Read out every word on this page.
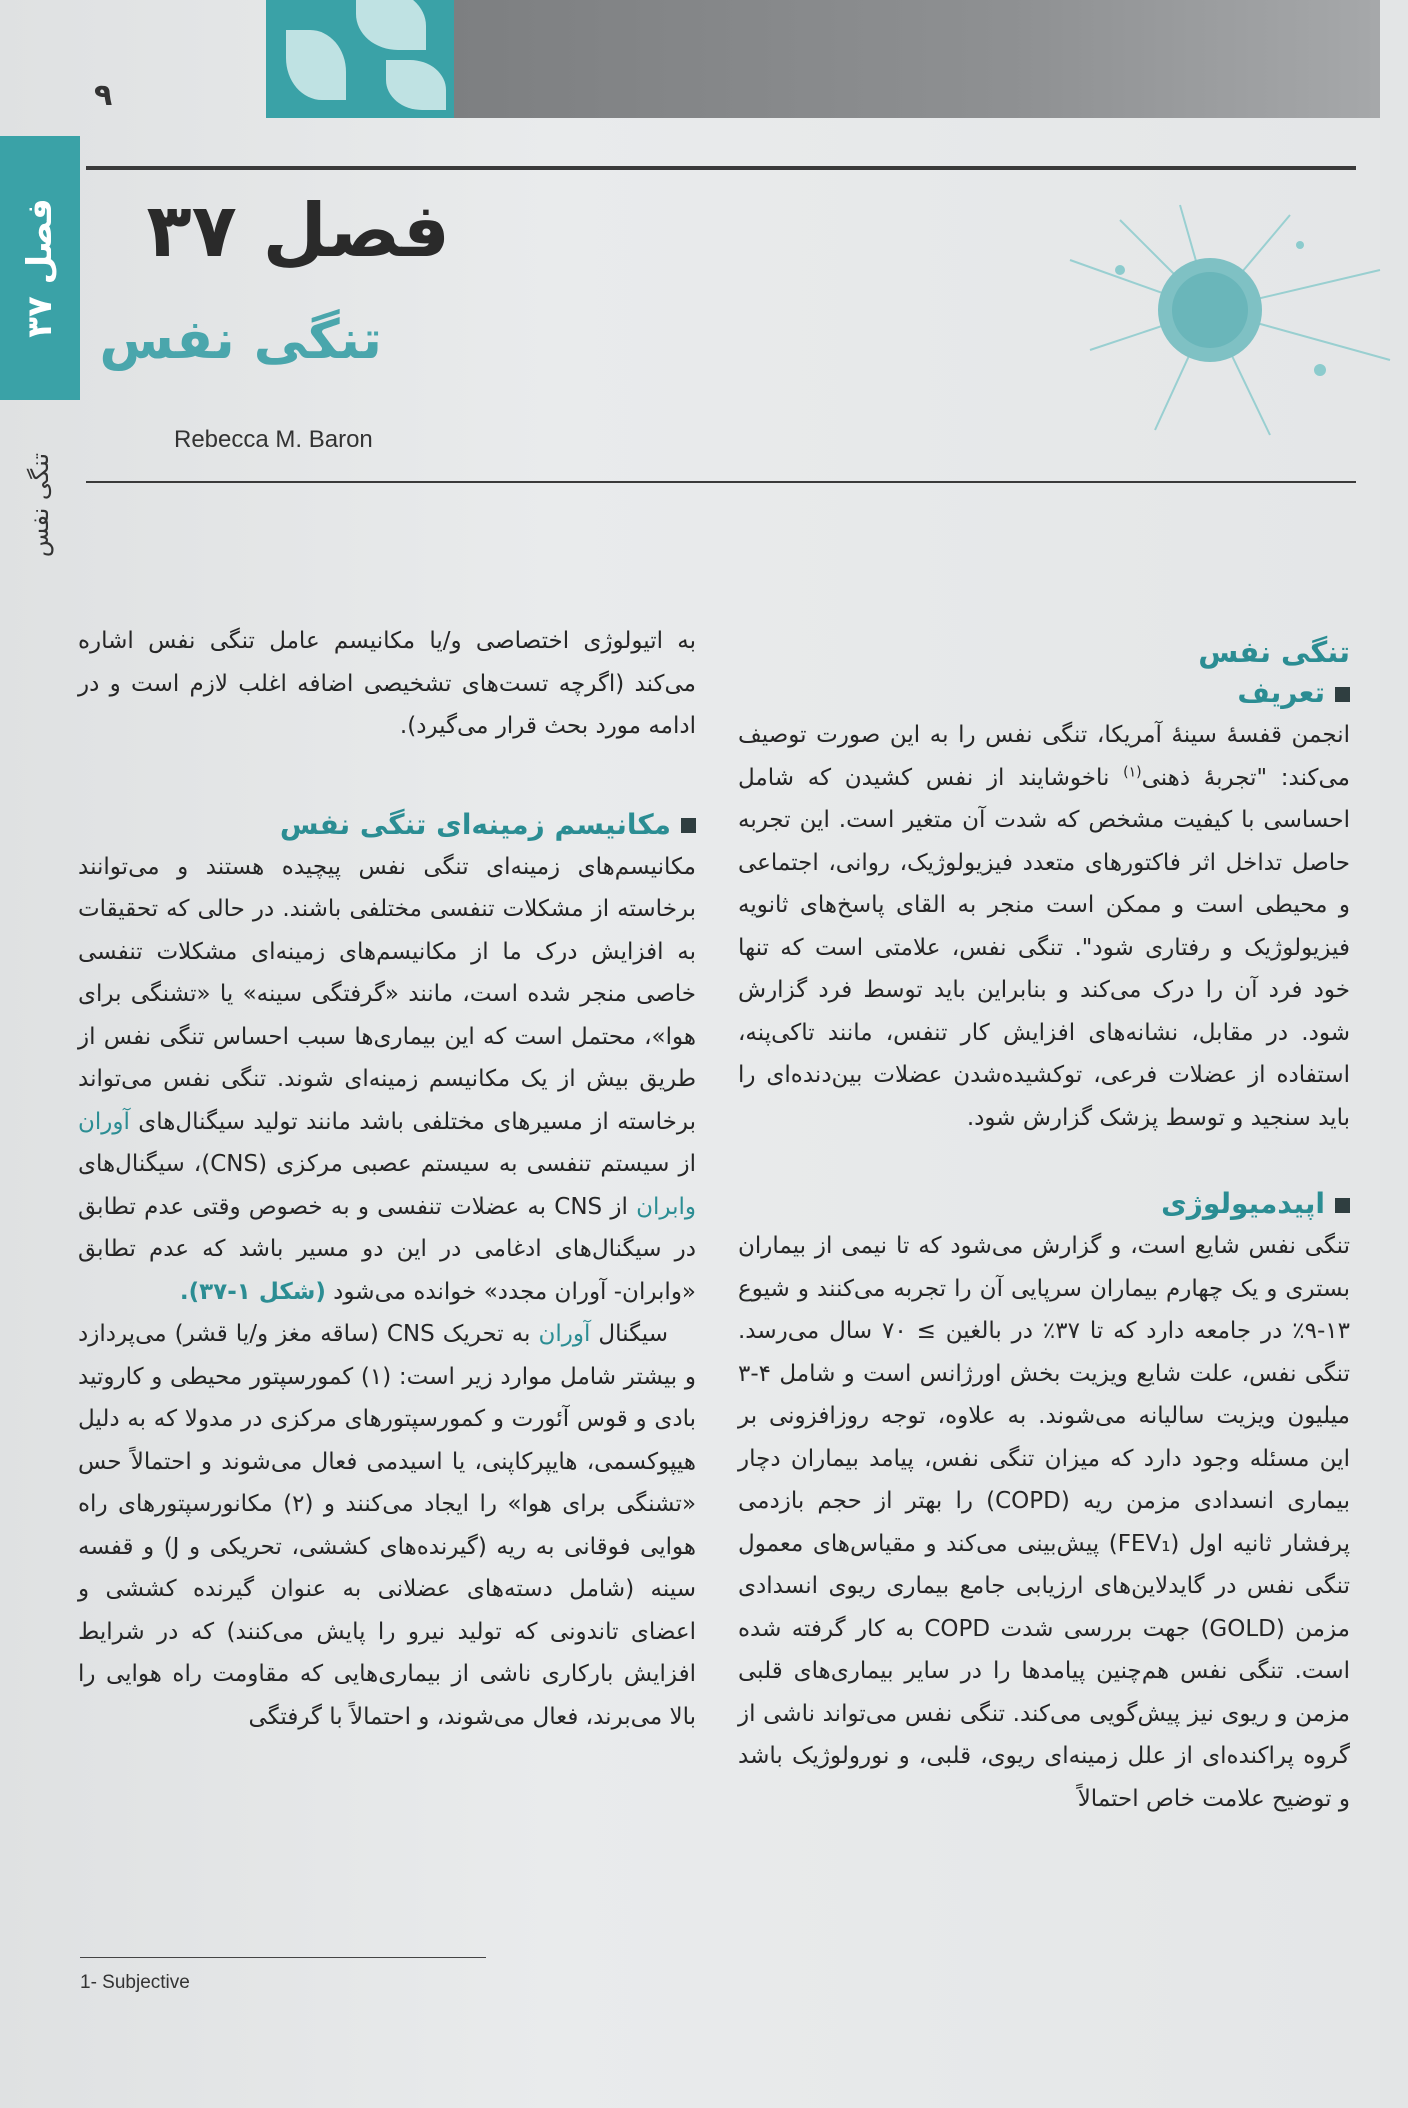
۹
فصل ۳۷
تنگی نفس
فصل ۳۷
تنگی نفس
Rebecca M. Baron

تنگی نفس

تعریف

انجمن قفسهٔ سینهٔ آمریکا، تنگی نفس را به این صورت توصیف می‌کند: "تجربهٔ ذهنی$^{(۱)}$ ناخوشایند از نفس کشیدن که شامل احساسی با کیفیت مشخص که شدت آن متغیر است. این تجربه حاصل تداخل اثر فاکتورهای متعدد فیزیولوژیک، روانی، اجتماعی و محیطی است و ممکن است منجر به القای پاسخ‌های ثانویه فیزیولوژیک و رفتاری شود". تنگی نفس، علامتی است که تنها خود فرد آن را درک می‌کند و بنابراین باید توسط فرد گزارش شود. در مقابل، نشانه‌های افزایش کار تنفس، مانند تاکی‌پنه، استفاده از عضلات فرعی، توکشیده‌شدن عضلات بین‌دنده‌ای را باید سنجید و توسط پزشک گزارش شود.

اپیدمیولوژی

تنگی نفس شایع است، و گزارش می‌شود که تا نیمی از بیماران بستری و یک چهارم بیماران سرپایی آن را تجربه می‌کنند و شیوع ۱۳-۹٪ در جامعه دارد که تا ۳۷٪ در بالغین ≥ ۷۰ سال می‌رسد. تنگی نفس، علت شایع ویزیت بخش اورژانس است و شامل ۴-۳ میلیون ویزیت سالیانه می‌شوند. به علاوه، توجه روزافزونی بر این مسئله وجود دارد که میزان تنگی نفس، پیامد بیماران دچار بیماری انسدادی مزمن ریه (COPD) را بهتر از حجم بازدمی پرفشار ثانیه اول (FEV₁) پیش‌بینی می‌کند و مقیاس‌های معمول تنگی نفس در گایدلاین‌های ارزیابی جامع بیماری ریوی انسدادی مزمن (GOLD) جهت بررسی شدت COPD به کار گرفته شده است. تنگی نفس هم‌چنین پیامدها را در سایر بیماری‌های قلبی مزمن و ریوی نیز پیش‌گویی می‌کند. تنگی نفس می‌تواند ناشی از گروه پراکنده‌ای از علل زمینه‌ای ریوی، قلبی، و نورولوژیک باشد و توضیح علامت خاص احتمالاً

به اتیولوژی اختصاصی و/یا مکانیسم عامل تنگی نفس اشاره می‌کند (اگرچه تست‌های تشخیصی اضافه اغلب لازم است و در ادامه مورد بحث قرار می‌گیرد).

مکانیسم زمینه‌ای تنگی نفس

مکانیسم‌های زمینه‌ای تنگی نفس پیچیده هستند و می‌توانند برخاسته از مشکلات تنفسی مختلفی باشند. در حالی که تحقیقات به افزایش درک ما از مکانیسم‌های زمینه‌ای مشکلات تنفسی خاصی منجر شده است، مانند «گرفتگی سینه» یا «تشنگی برای هوا»، محتمل است که این بیماری‌ها سبب احساس تنگی نفس از طریق بیش از یک مکانیسم زمینه‌ای شوند. تنگی نفس می‌تواند برخاسته از مسیرهای مختلفی باشد مانند تولید سیگنال‌های آوران از سیستم تنفسی به سیستم عصبی مرکزی (CNS)، سیگنال‌های وابران از CNS به عضلات تنفسی و به خصوص وقتی عدم تطابق در سیگنال‌های ادغامی در این دو مسیر باشد که عدم تطابق «وابران- آوران مجدد» خوانده می‌شود (شکل ۱-۳۷).

سیگنال آوران به تحریک CNS (ساقه مغز و/یا قشر) می‌پردازد و بیشتر شامل موارد زیر است: (۱) کمورسپتور محیطی و کاروتید بادی و قوس آئورت و کمورسپتورهای مرکزی در مدولا که به دلیل هیپوکسمی، هایپرکاپنی، یا اسیدمی فعال می‌شوند و احتمالاً حس «تشنگی برای هوا» را ایجاد می‌کنند و (۲) مکانورسپتورهای راه هوایی فوقانی به ریه (گیرنده‌های کششی، تحریکی و J) و قفسه سینه (شامل دسته‌های عضلانی به عنوان گیرنده کششی و اعضای تاندونی که تولید نیرو را پایش می‌کنند) که در شرایط افزایش بارکاری ناشی از بیماری‌هایی که مقاومت راه هوایی را بالا می‌برند، فعال می‌شوند، و احتمالاً با گرفتگی

1- Subjective
